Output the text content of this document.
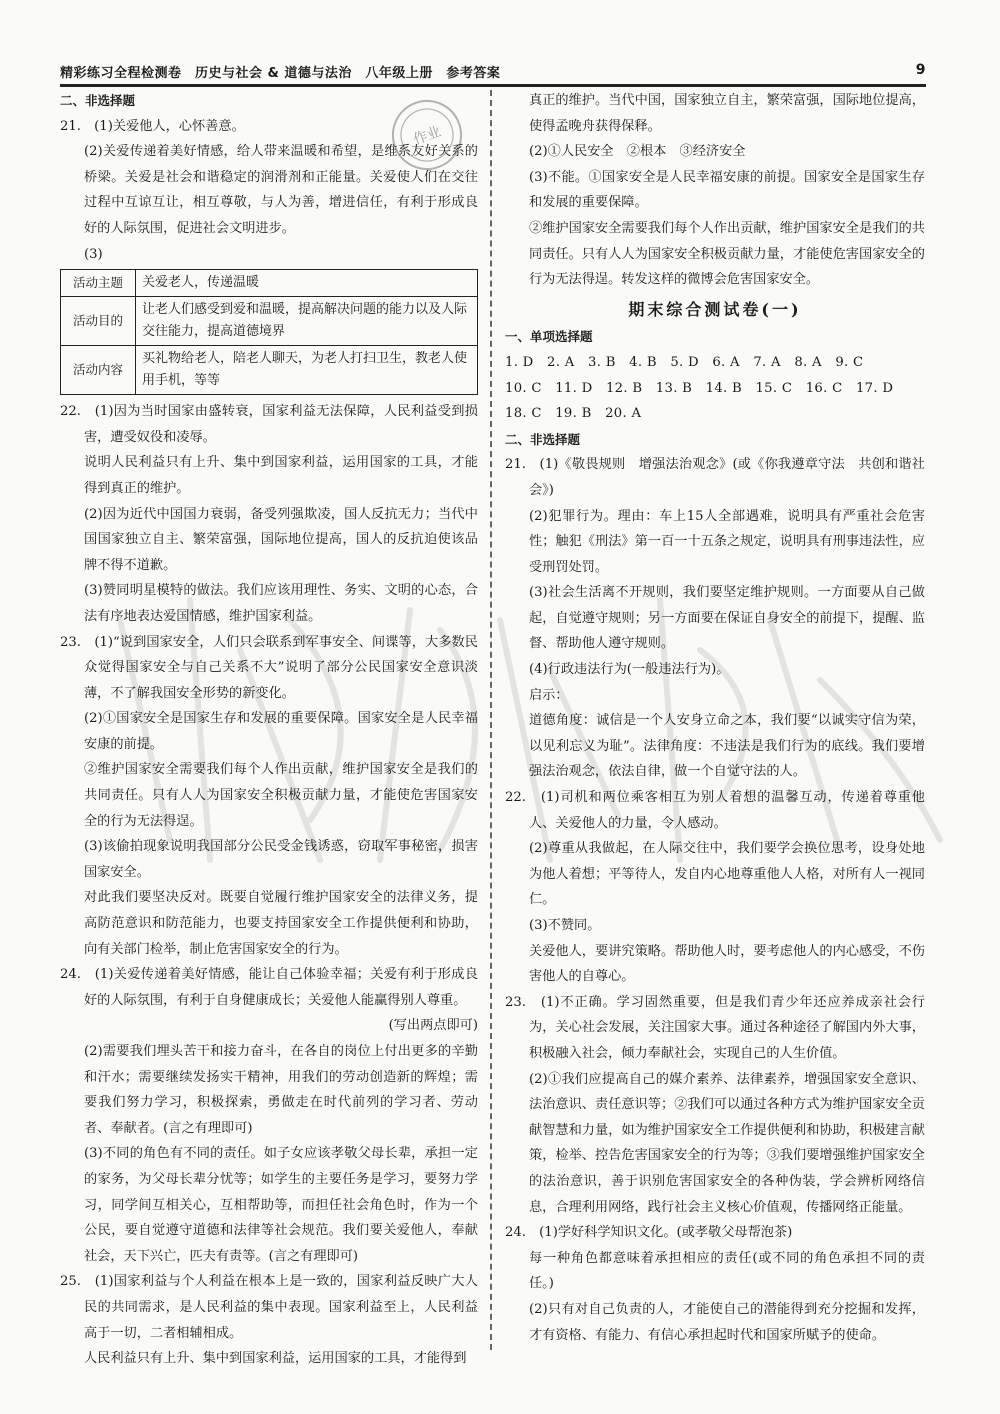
精彩练习全程检测卷　历史与社会 & 道德与法治　八年级上册　参考答案	9
作业

二、非选择题

21.　(1)关爱他人，心怀善意。

(2)关爱传递着美好情感，给人带来温暖和希望，是维系友好关系的桥梁。关爱是社会和谐稳定的润滑剂和正能量。关爱使人们在交往过程中互谅互让，相互尊敬，与人为善，增进信任，有利于形成良好的人际氛围，促进社会文明进步。

(3)

活动主题	关爱老人，传递温暖
活动目的	让老人们感受到爱和温暖，提高解决问题的能力以及人际交往能力，提高道德境界
活动内容	买礼物给老人，陪老人聊天，为老人打扫卫生，教老人使用手机，等等

22.　(1)因为当时国家由盛转衰，国家利益无法保障，人民利益受到损害，遭受奴役和凌辱。

说明人民利益只有上升、集中到国家利益，运用国家的工具，才能得到真正的维护。

(2)因为近代中国国力衰弱，备受列强欺凌，国人反抗无力；当代中国国家独立自主、繁荣富强，国际地位提高，国人的反抗迫使该品牌不得不道歉。

(3)赞同明星模特的做法。我们应该用理性、务实、文明的心态，合法有序地表达爱国情感，维护国家利益。

23.　(1)“说到国家安全，人们只会联系到军事安全、间谍等，大多数民众觉得国家安全与自己关系不大”说明了部分公民国家安全意识淡薄，不了解我国安全形势的新变化。

(2)①国家安全是国家生存和发展的重要保障。国家安全是人民幸福安康的前提。

②维护国家安全需要我们每个人作出贡献，维护国家安全是我们的共同责任。只有人人为国家安全积极贡献力量，才能使危害国家安全的行为无法得逞。

(3)该偷拍现象说明我国部分公民受金钱诱惑，窃取军事秘密，损害国家安全。

对此我们要坚决反对。既要自觉履行维护国家安全的法律义务，提高防范意识和防范能力，也要支持国家安全工作提供便利和协助，向有关部门检举，制止危害国家安全的行为。

24.　(1)关爱传递着美好情感，能让自己体验幸福；关爱有利于形成良好的人际氛围，有利于自身健康成长；关爱他人能赢得别人尊重。

(写出两点即可)

(2)需要我们埋头苦干和接力奋斗，在各自的岗位上付出更多的辛勤和汗水；需要继续发扬实干精神，用我们的劳动创造新的辉煌；需要我们努力学习，积极探索，勇做走在时代前列的学习者、劳动者、奉献者。(言之有理即可)

(3)不同的角色有不同的责任。如子女应该孝敬父母长辈，承担一定的家务，为父母长辈分忧等；如学生的主要任务是学习，要努力学习，同学间互相关心，互相帮助等，而担任社会角色时，作为一个公民，要自觉遵守道德和法律等社会规范。我们要关爱他人，奉献社会，天下兴亡，匹夫有责等。(言之有理即可)

25.　(1)国家利益与个人利益在根本上是一致的，国家利益反映广大人民的共同需求，是人民利益的集中表现。国家利益至上，人民利益高于一切，二者相辅相成。

人民利益只有上升、集中到国家利益，运用国家的工具，才能得到

真正的维护。当代中国，国家独立自主，繁荣富强，国际地位提高，使得孟晚舟获得保释。

(2)①人民安全　②根本　③经济安全

(3)不能。①国家安全是人民幸福安康的前提。国家安全是国家生存和发展的重要保障。

②维护国家安全需要我们每个人作出贡献，维护国家安全是我们的共同责任。只有人人为国家安全积极贡献力量，才能使危害国家安全的行为无法得逞。转发这样的微博会危害国家安全。

期末综合测试卷(一)

一、单项选择题

1. D　2. A　3. B　4. B　5. D　6. A　7. A　8. A　9. C

10. C　11. D　12. B　13. B　14. B　15. C　16. C　17. D

18. C　19. B　20. A

二、非选择题

21.　(1)《敬畏规则　增强法治观念》(或《你我遵章守法　共创和谐社会》)

(2)犯罪行为。理由：车上15人全部遇难，说明具有严重社会危害性；触犯《刑法》第一百一十五条之规定，说明具有刑事违法性，应受刑罚处罚。

(3)社会生活离不开规则，我们要坚定维护规则。一方面要从自己做起，自觉遵守规则；另一方面要在保证自身安全的前提下，提醒、监督、帮助他人遵守规则。

(4)行政违法行为(一般违法行为)。

启示：

道德角度：诚信是一个人安身立命之本，我们要“以诚实守信为荣，以见利忘义为耻”。法律角度：不违法是我们行为的底线。我们要增强法治观念，依法自律，做一个自觉守法的人。

22.　(1)司机和两位乘客相互为别人着想的温馨互动，传递着尊重他人、关爱他人的力量，令人感动。

(2)尊重从我做起，在人际交往中，我们要学会换位思考，设身处地为他人着想；平等待人，发自内心地尊重他人人格，对所有人一视同仁。

(3)不赞同。

关爱他人，要讲究策略。帮助他人时，要考虑他人的内心感受，不伤害他人的自尊心。

23.　(1)不正确。学习固然重要，但是我们青少年还应养成亲社会行为，关心社会发展，关注国家大事。通过各种途径了解国内外大事，积极融入社会，倾力奉献社会，实现自己的人生价值。

(2)①我们应提高自己的媒介素养、法律素养，增强国家安全意识、法治意识、责任意识等；②我们可以通过各种方式为维护国家安全贡献智慧和力量，如为维护国家安全工作提供便利和协助，积极建言献策，检举、控告危害国家安全的行为等；③我们要增强维护国家安全的法治意识，善于识别危害国家安全的各种伪装，学会辨析网络信息，合理利用网络，践行社会主义核心价值观，传播网络正能量。

24.　(1)学好科学知识文化。(或孝敬父母帮泡茶)

每一种角色都意味着承担相应的责任(或不同的角色承担不同的责任。)

(2)只有对自己负责的人，才能使自己的潜能得到充分挖掘和发挥，才有资格、有能力、有信心承担起时代和国家所赋予的使命。
